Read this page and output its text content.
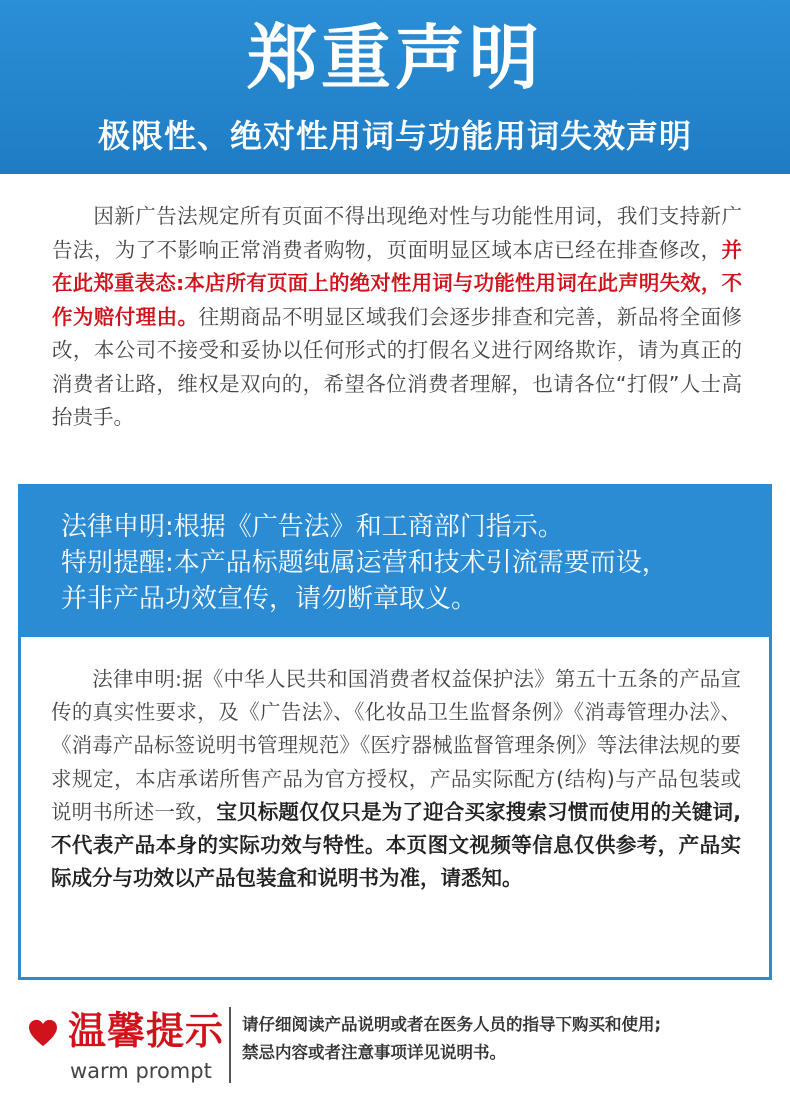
郑重声明
极限性、绝对性用词与功能用词失效声明
因新广告法规定所有页面不得出现绝对性与功能性用词，我们支持新广告法，为了不影响正常消费者购物，页面明显区域本店已经在排查修改，并在此郑重表态:本店所有页面上的绝对性用词与功能性用词在此声明失效，不作为赔付理由。往期商品不明显区域我们会逐步排查和完善，新品将全面修改，本公司不接受和妥协以任何形式的打假名义进行网络欺诈，请为真正的消费者让路，维权是双向的，希望各位消费者理解，也请各位“打假”人士高抬贵手。
法律申明:根据《广告法》和工商部门指示。
特别提醒:本产品标题纯属运营和技术引流需要而设，
并非产品功效宣传，请勿断章取义。
法律申明:据《中华人民共和国消费者权益保护法》第五十五条的产品宣传的真实性要求，及《广告法》、《化妆品卫生监督条例》《消毒管理办法》、《消毒产品标签说明书管理规范》《医疗器械监督管理条例》等法律法规的要求规定，本店承诺所售产品为官方授权，产品实际配方(结构)与产品包装或说明书所述一致，宝贝标题仅仅只是为了迎合买家搜索习惯而使用的关键词,不代表产品本身的实际功效与特性。本页图文视频等信息仅供参考，产品实际成分与功效以产品包装盒和说明书为准，请悉知。
温馨提示
warm prompt
请仔细阅读产品说明或者在医务人员的指导下购买和使用;
禁忌内容或者注意事项详见说明书。
